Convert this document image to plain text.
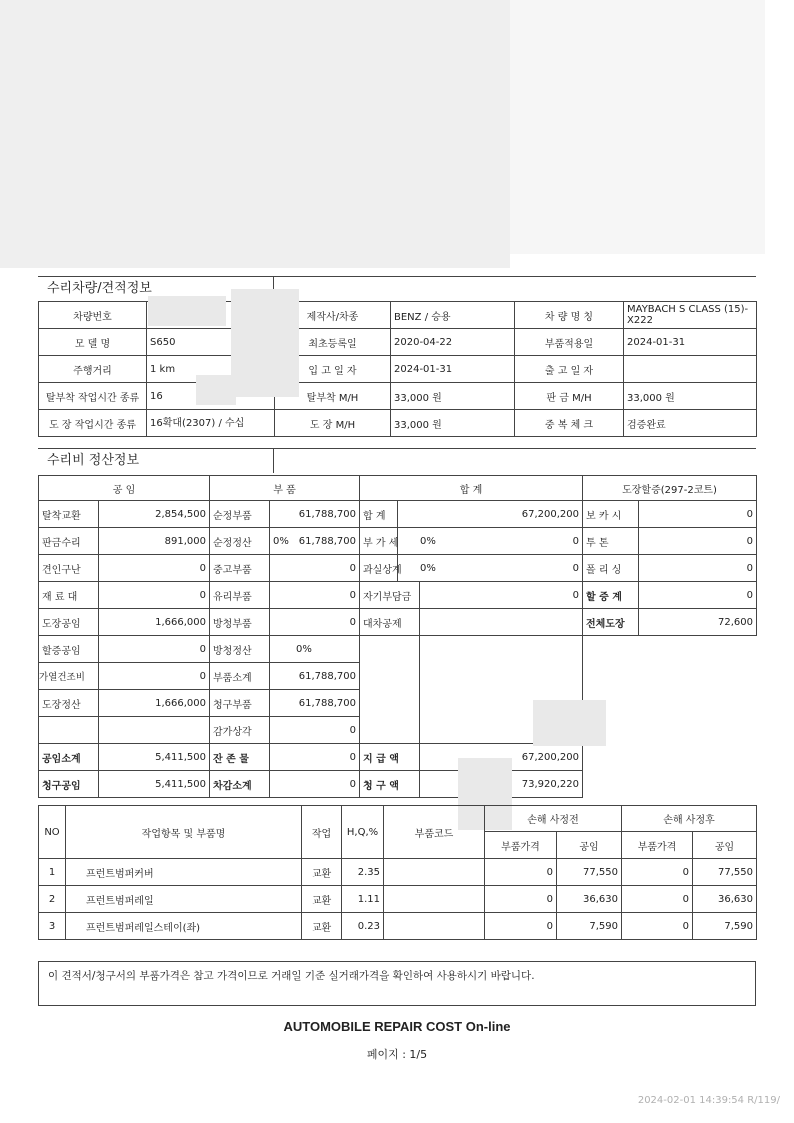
수리차량/견적정보
차량번호		제작사/차종	BENZ / 승용	차 량 명 칭	MAYBACH S CLASS (15)-X222
모 델 명	S650	최초등록일	2020-04-22	부품적용일	2024-01-31
주행거리	1 km	입 고 일 자	2024-01-31	출 고 일 자	
탈부착 작업시간 종류	16	탈부착 M/H	33,000 원	판 금 M/H	33,000 원
도 장 작업시간 종류	16확대(2307) / 수십	도 장 M/H	33,000 원	중 복 체 크	검증완료
수리비 정산정보
공 임		부 품			합 계				도장할증(297-2코트)	
탈착교환	2,854,500	순정부품		61,788,700	합 계		67,200,200		보 카 시	0
판금수리	891,000	순정정산	0%	61,788,700	부 가 세	0%		0	투 톤	0
견인구난	0	중고부품		0	과실상계	0%		0	폴 리 싱	0
재 료 대	0	유리부품		0	자기부담금		0		할 증 계	0
도장공임	1,666,000	방청부품		0	대차공제				전체도장	72,600
할증공임	0	방청정산	0%							
가열건조비	0	부품소계	61,788,700							
도장정산	1,666,000	청구부품	61,788,700							
		감가상각	0							
공임소계	5,411,500	잔 존 물	0		지 급 액		67,200,200			
청구공임	5,411,500	차감소계	0		청 구 액		73,920,220			
NO	작업항목 및 부품명	작업	H,Q,%	부품코드	손해 사정전		손해 사정후	
					부품가격	공임	부품가격	공임
1	프런트범퍼커버	교환	2.35		0	77,550	0	77,550
2	프런트범퍼레일	교환	1.11		0	36,630	0	36,630
3	프런트범퍼레일스테이(좌)	교환	0.23		0	7,590	0	7,590
이 견적서/청구서의 부품가격은 참고 가격이므로 거래일 기준 실거래가격을 확인하여 사용하시기 바랍니다.
AUTOMOBILE REPAIR COST On-line
페이지 : 1/5
2024-02-01 14:39:54 R/119/
